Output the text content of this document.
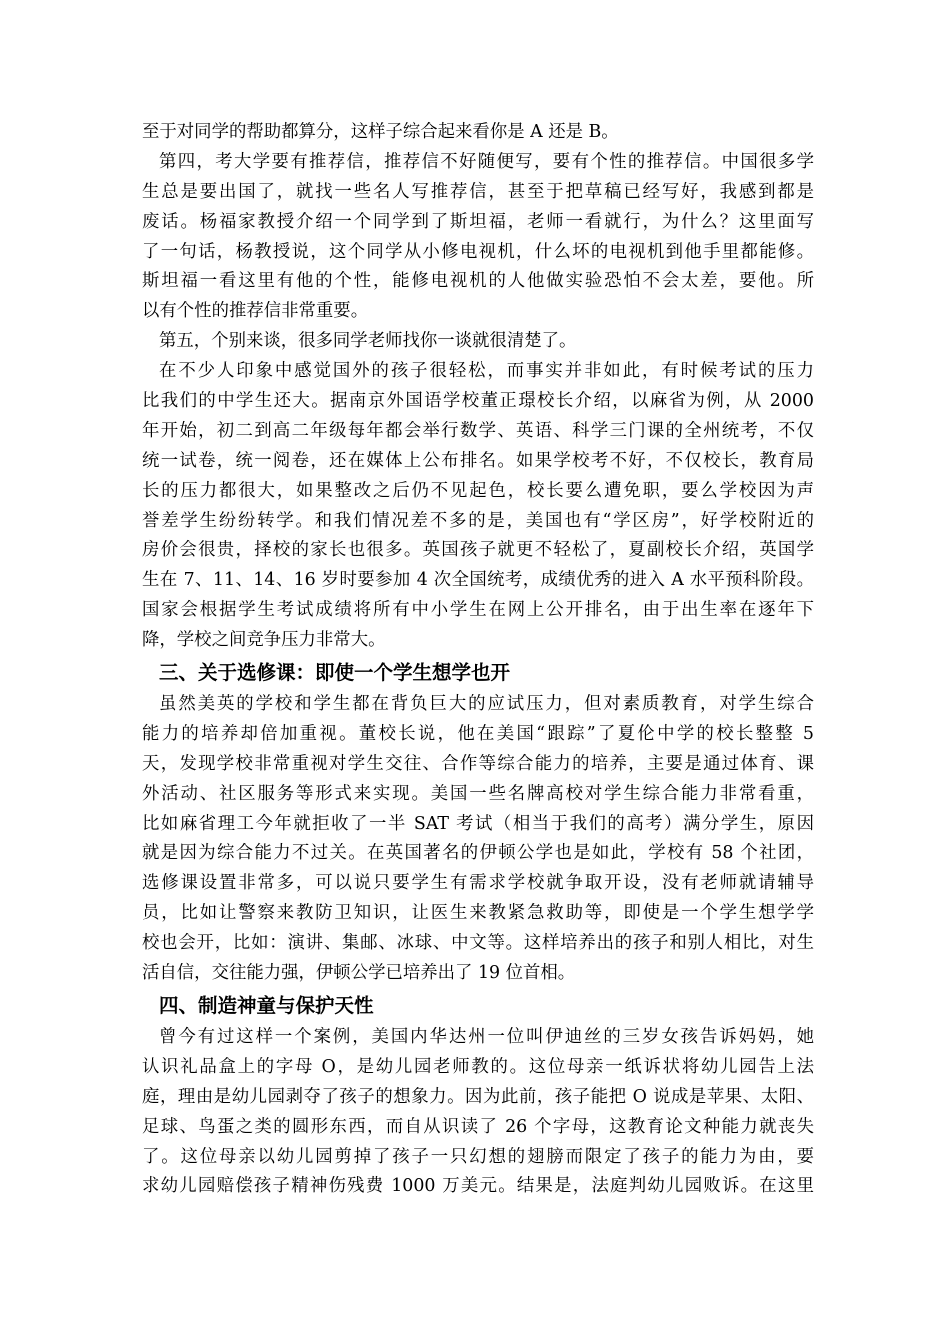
至于对同学的帮助都算分，这样子综合起来看你是 A 还是 B。
第四，考大学要有推荐信，推荐信不好随便写，要有个性的推荐信。中国很多学
生总是要出国了，就找一些名人写推荐信，甚至于把草稿已经写好，我感到都是
废话。杨福家教授介绍一个同学到了斯坦福，老师一看就行，为什么？这里面写
了一句话，杨教授说，这个同学从小修电视机，什么坏的电视机到他手里都能修。
斯坦福一看这里有他的个性，能修电视机的人他做实验恐怕不会太差，要他。所
以有个性的推荐信非常重要。
第五，个别来谈，很多同学老师找你一谈就很清楚了。
在不少人印象中感觉国外的孩子很轻松，而事实并非如此，有时候考试的压力
比我们的中学生还大。据南京外国语学校董正璟校长介绍，以麻省为例，从 2000
年开始，初二到高二年级每年都会举行数学、英语、科学三门课的全州统考，不仅
统一试卷，统一阅卷，还在媒体上公布排名。如果学校考不好，不仅校长，教育局
长的压力都很大，如果整改之后仍不见起色，校长要么遭免职，要么学校因为声
誉差学生纷纷转学。和我们情况差不多的是，美国也有“学区房”，好学校附近的
房价会很贵，择校的家长也很多。英国孩子就更不轻松了，夏副校长介绍，英国学
生在 7、11、14、16 岁时要参加 4 次全国统考，成绩优秀的进入 A 水平预科阶段。
国家会根据学生考试成绩将所有中小学生在网上公开排名，由于出生率在逐年下
降，学校之间竞争压力非常大。
三、关于选修课：即使一个学生想学也开
虽然美英的学校和学生都在背负巨大的应试压力，但对素质教育，对学生综合
能力的培养却倍加重视。董校长说，他在美国“跟踪”了夏伦中学的校长整整 5
天，发现学校非常重视对学生交往、合作等综合能力的培养，主要是通过体育、课
外活动、社区服务等形式来实现。美国一些名牌高校对学生综合能力非常看重，
比如麻省理工今年就拒收了一半 SAT 考试（相当于我们的高考）满分学生，原因
就是因为综合能力不过关。在英国著名的伊顿公学也是如此，学校有 58 个社团，
选修课设置非常多，可以说只要学生有需求学校就争取开设，没有老师就请辅导
员，比如让警察来教防卫知识，让医生来教紧急救助等，即使是一个学生想学学
校也会开，比如：演讲、集邮、冰球、中文等。这样培养出的孩子和别人相比，对生
活自信，交往能力强，伊顿公学已培养出了 19 位首相。
四、制造神童与保护天性
曾今有过这样一个案例，美国内华达州一位叫伊迪丝的三岁女孩告诉妈妈，她
认识礼品盒上的字母 O，是幼儿园老师教的。这位母亲一纸诉状将幼儿园告上法
庭，理由是幼儿园剥夺了孩子的想象力。因为此前，孩子能把 O 说成是苹果、太阳、
足球、鸟蛋之类的圆形东西，而自从识读了 26 个字母，这教育论文种能力就丧失
了。这位母亲以幼儿园剪掉了孩子一只幻想的翅膀而限定了孩子的能力为由，要
求幼儿园赔偿孩子精神伤残费 1000 万美元。结果是，法庭判幼儿园败诉。在这里
